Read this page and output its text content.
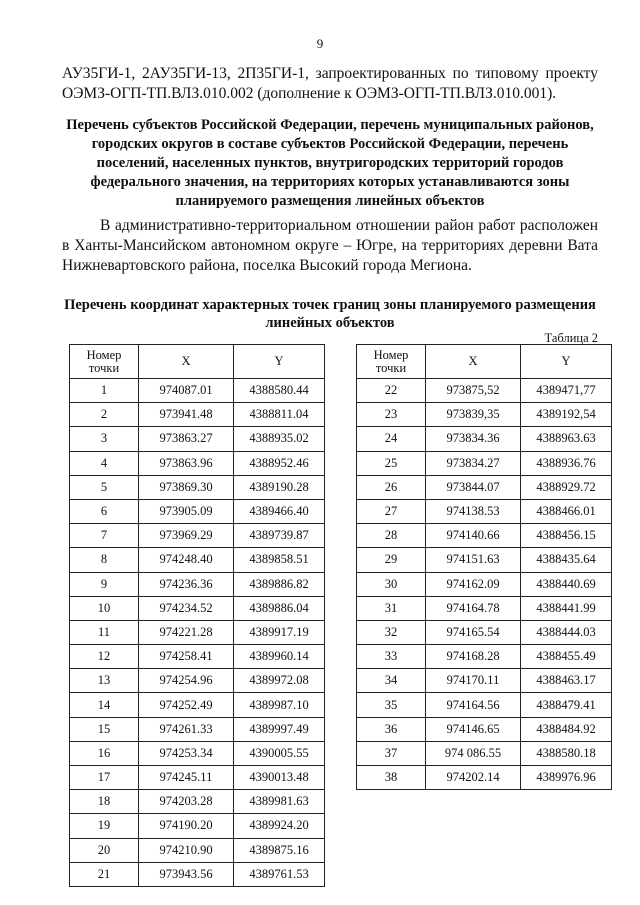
9
АУ35ГИ-1, 2АУ35ГИ-13, 2П35ГИ-1, запроектированных по типовому проекту ОЭМЗ-ОГП-ТП.ВЛЗ.010.002 (дополнение к ОЭМЗ-ОГП-ТП.ВЛЗ.010.001).
Перечень субъектов Российской Федерации, перечень муниципальных районов, городских округов в составе субъектов Российской Федерации, перечень поселений, населенных пунктов, внутригородских территорий городов федерального значения, на территориях которых устанавливаются зоны планируемого размещения линейных объектов
В административно-территориальном отношении район работ расположен в Ханты-Мансийском автономном округе – Югре, на территориях деревни Вата Нижневартовского района, поселка Высокий города Мегиона.
Перечень координат характерных точек границ зоны планируемого размещения линейных объектов
Таблица 2
Номер точки	X	Y
1	974087.01	4388580.44
2	973941.48	4388811.04
3	973863.27	4388935.02
4	973863.96	4388952.46
5	973869.30	4389190.28
6	973905.09	4389466.40
7	973969.29	4389739.87
8	974248.40	4389858.51
9	974236.36	4389886.82
10	974234.52	4389886.04
11	974221.28	4389917.19
12	974258.41	4389960.14
13	974254.96	4389972.08
14	974252.49	4389987.10
15	974261.33	4389997.49
16	974253.34	4390005.55
17	974245.11	4390013.48
18	974203.28	4389981.63
19	974190.20	4389924.20
20	974210.90	4389875.16
21	973943.56	4389761.53
Номер точки	X	Y
22	973875,52	4389471,77
23	973839,35	4389192,54
24	973834.36	4388963.63
25	973834.27	4388936.76
26	973844.07	4388929.72
27	974138.53	4388466.01
28	974140.66	4388456.15
29	974151.63	4388435.64
30	974162.09	4388440.69
31	974164.78	4388441.99
32	974165.54	4388444.03
33	974168.28	4388455.49
34	974170.11	4388463.17
35	974164.56	4388479.41
36	974146.65	4388484.92
37	974 086.55	4388580.18
38	974202.14	4389976.96
